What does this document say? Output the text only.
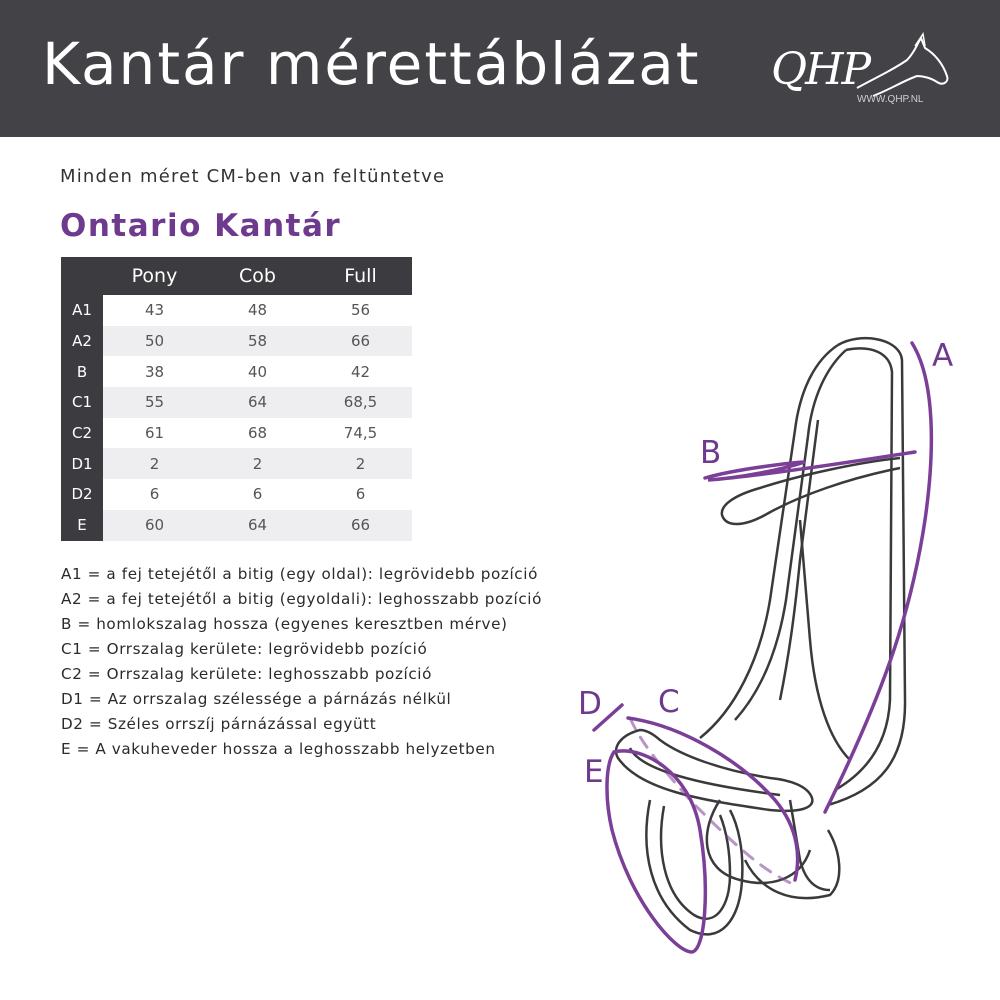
Kantár mérettáblázat QHP
WWW.QHP.NL
Minden méret CM-ben van feltüntetve
Ontario Kantár
	Pony	Cob	Full
A1	43	48	56
A2	50	58	66
B	38	40	42
C1	55	64	68,5
C2	61	68	74,5
D1	2	2	2
D2	6	6	6
E	60	64	66
A1 = a fej tetejétől a bitig (egy oldal): legrövidebb pozíció
A2 = a fej tetejétől a bitig (egyoldali): leghosszabb pozíció
B = homlokszalag hossza (egyenes keresztben mérve)
C1 = Orrszalag kerülete: legrövidebb pozíció
C2 = Orrszalag kerülete: leghosszabb pozíció
D1 = Az orrszalag szélessége a párnázás nélkül
D2 = Széles orrszíj párnázással együtt
E = A vakuheveder hossza a leghosszabb helyzetben
A
B
C
D
E
